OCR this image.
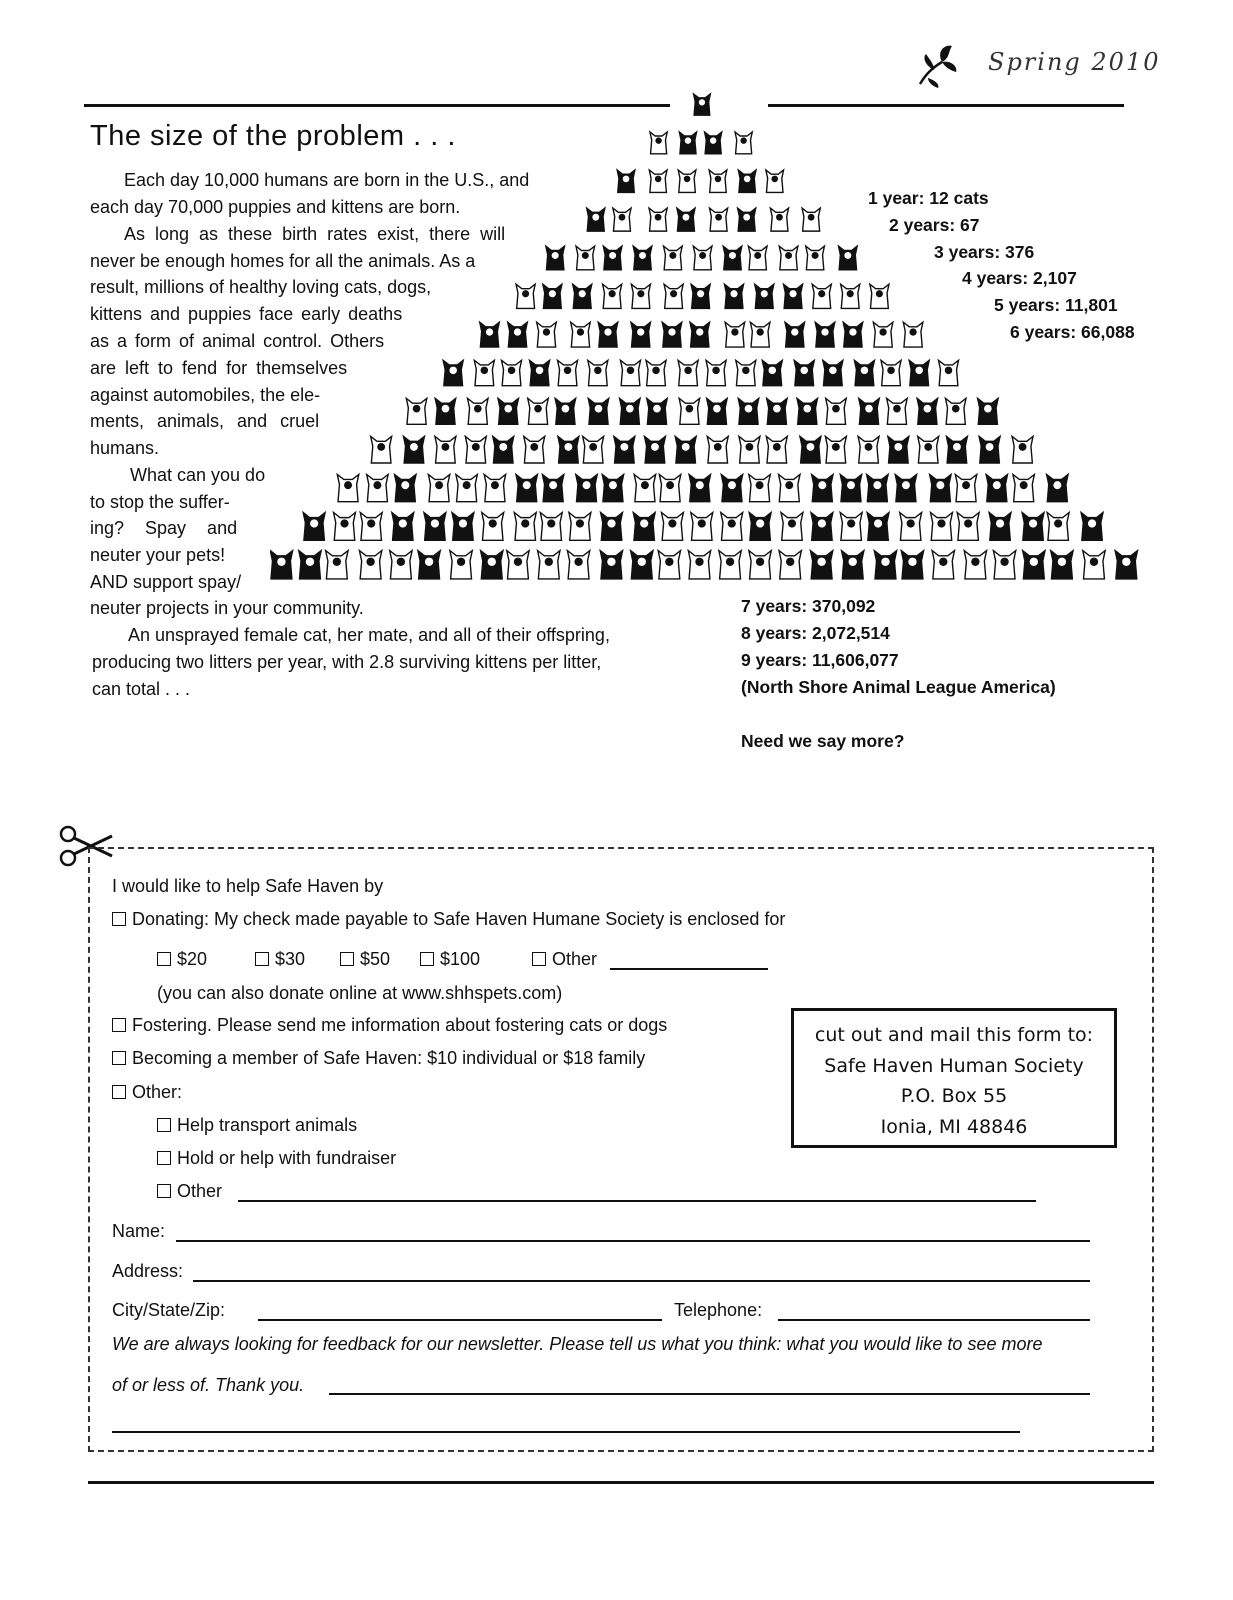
Spring 2010
The size of the problem . . .
Each day 10,000 humans are born in the U.S., and
each day 70,000 puppies and kittens are born.
As long as these birth rates exist, there will
never be enough homes for all the animals. As a
result, millions of healthy loving cats, dogs,
kittens and puppies face early deaths
as a form of animal control. Others
are left to fend for themselves
against automobiles, the ele-
ments, animals, and cruel
humans.
What can you do
to stop the suffer-
ing? Spay and
neuter your pets!
AND support spay/
neuter projects in your community.
An unsprayed female cat, her mate, and all of their offspring,
producing two litters per year, with 2.8 surviving kittens per litter,
can total . . .
1 year: 12 cats
2 years: 67
3 years: 376
4 years: 2,107
5 years: 11,801
6 years: 66,088
7 years: 370,092
8 years: 2,072,514
9 years: 11,606,077
(North Shore Animal League America)
Need we say more?
I would like to help Safe Haven by
Donating: My check made payable to Safe Haven Humane Society is enclosed for
$20	$30	$50	$100	Other
(you can also donate online at www.shhspets.com)
Fostering. Please send me information about fostering cats or dogs
Becoming a member of Safe Haven: $10 individual or $18 family
Other:
Help transport animals
Hold or help with fundraiser
Other
Name:
Address:
City/State/Zip:	Telephone:
We are always looking for feedback for our newsletter. Please tell us what you think: what you would like to see more
of or less of. Thank you.
cut out and mail this form to:
Safe Haven Human Society
P.O. Box 55
Ionia, MI 48846
